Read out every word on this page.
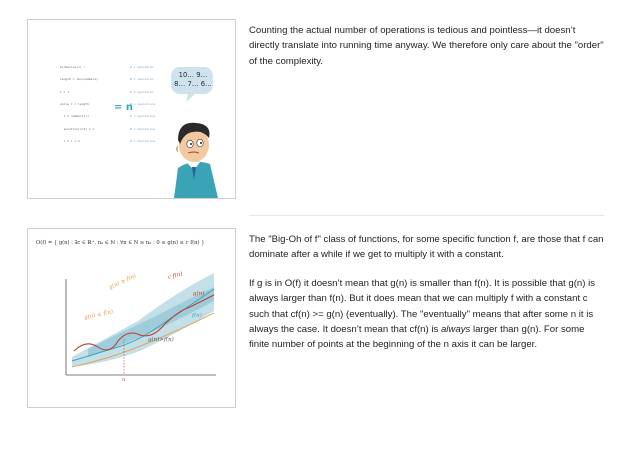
minSeries(x) :

length = len(numbers)

i = 1

while i < length

x = numbers[i]

solution[cnt] = x

i = i + 1

# 1 operation

# 1 operation

# 1 operation

# n operations

# n operations

# n operations

# n operations

= n
10… 9…
8… 7… 6…

Counting the actual number of operations is tedious and pointless—it doesn’t directly translate into running time anyway. We therefore only care about the "order" of the complexity.

O(f) = { g(n) : ∃c ∈ ℝ⁺, n₀ ∈ ℕ : ∀n ∈ N ≥ n₀ : 0 ≤ g(n) ≤ c f(n) }
g(n) ≥ f(n)	c·f(n)
g(n)
f(n)
g(n) ≤ f(n)
g(n)>f(n)
n

The "Big-Oh of f" class of functions, for some specific function f, are those that f can dominate after a while if we get to multiply it with a constant.

If g is in O(f) it doesn’t mean that g(n) is smaller than f(n). It is possible that g(n) is always larger than f(n). But it does mean that we can multiply f with a constant c such that cf(n) >= g(n) (eventually). The "eventually" means that after some n it is always the case. It doesn’t mean that cf(n) is always larger than g(n). For some finite number of points at the beginning of the n axis it can be larger.
